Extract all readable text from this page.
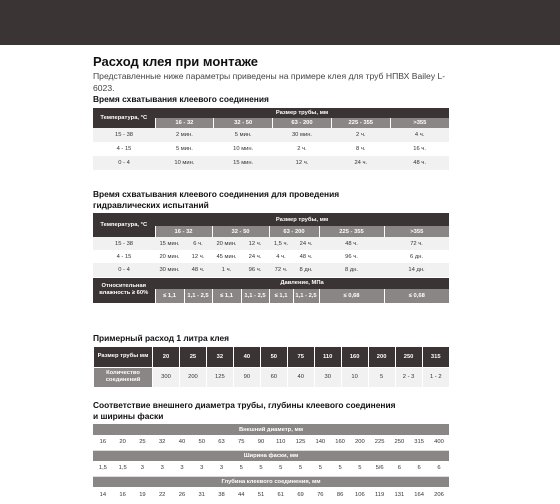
Расход клея при монтаже
Представленные ниже параметры приведены на примере клея для труб НПВХ Bailey L-6023.
Время схватывания клеевого соединения
Температура, °С	Размер трубы, мм				
	16 - 32	32 - 50	63 - 200	225 - 355	>355
15 - 38	2 мин.	5 мин.	30 мин.	2 ч.	4 ч.
4 - 15	5 мин.	10 мин.	2 ч.	8 ч.	16 ч.
0 - 4	10 мин.	15 мин.	12 ч.	24 ч.	48 ч.
Время схватывания клеевого соединения для проведения
гидравлических испытаний
Температура, °С	Размер трубы, мм							
	16 - 32		32 - 50		63 - 200		225 - 355	>355
15 - 38	15 мин.	6 ч.	20 мин.	12 ч.	1,5 ч.	24 ч.	48 ч.	72 ч.
4 - 15	20 мин.	12 ч.	45 мин.	24 ч.	4 ч.	48 ч.	96 ч.	6 дн.
0 - 4	30 мин.	48 ч.	1 ч.	96 ч.	72 ч.	8 дн.	8 дн.	14 дн.
Относительная влажность ≥ 60%	Давление, МПа							
	≤ 1,1	1,1 - 2,5	≤ 1,1	1,1 - 2,5	≤ 1,1	1,1 - 2,5	≤ 0,68	≤ 0,68
Примерный расход 1 литра клея
Размер трубы мм	20	25	32	40	50	75	110	160	200	250	315
Количество соединений	300	200	125	90	60	40	30	10	5	2 - 3	1 - 2
Соответствие внешнего диаметра трубы, глубины клеевого соединения
и ширины фаски
Внешний диаметр, мм																	
16	20	25	32	40	50	63	75	90	110	125	140	160	200	225	250	315	400
Ширина фаски, мм																	
1,5	1,5	3	3	3	3	3	5	5	5	5	5	5	5	5/6	6	6	6
Глубина клеевого соединения, мм																	
14	16	19	22	26	31	38	44	51	61	69	76	86	106	119	131	164	206
